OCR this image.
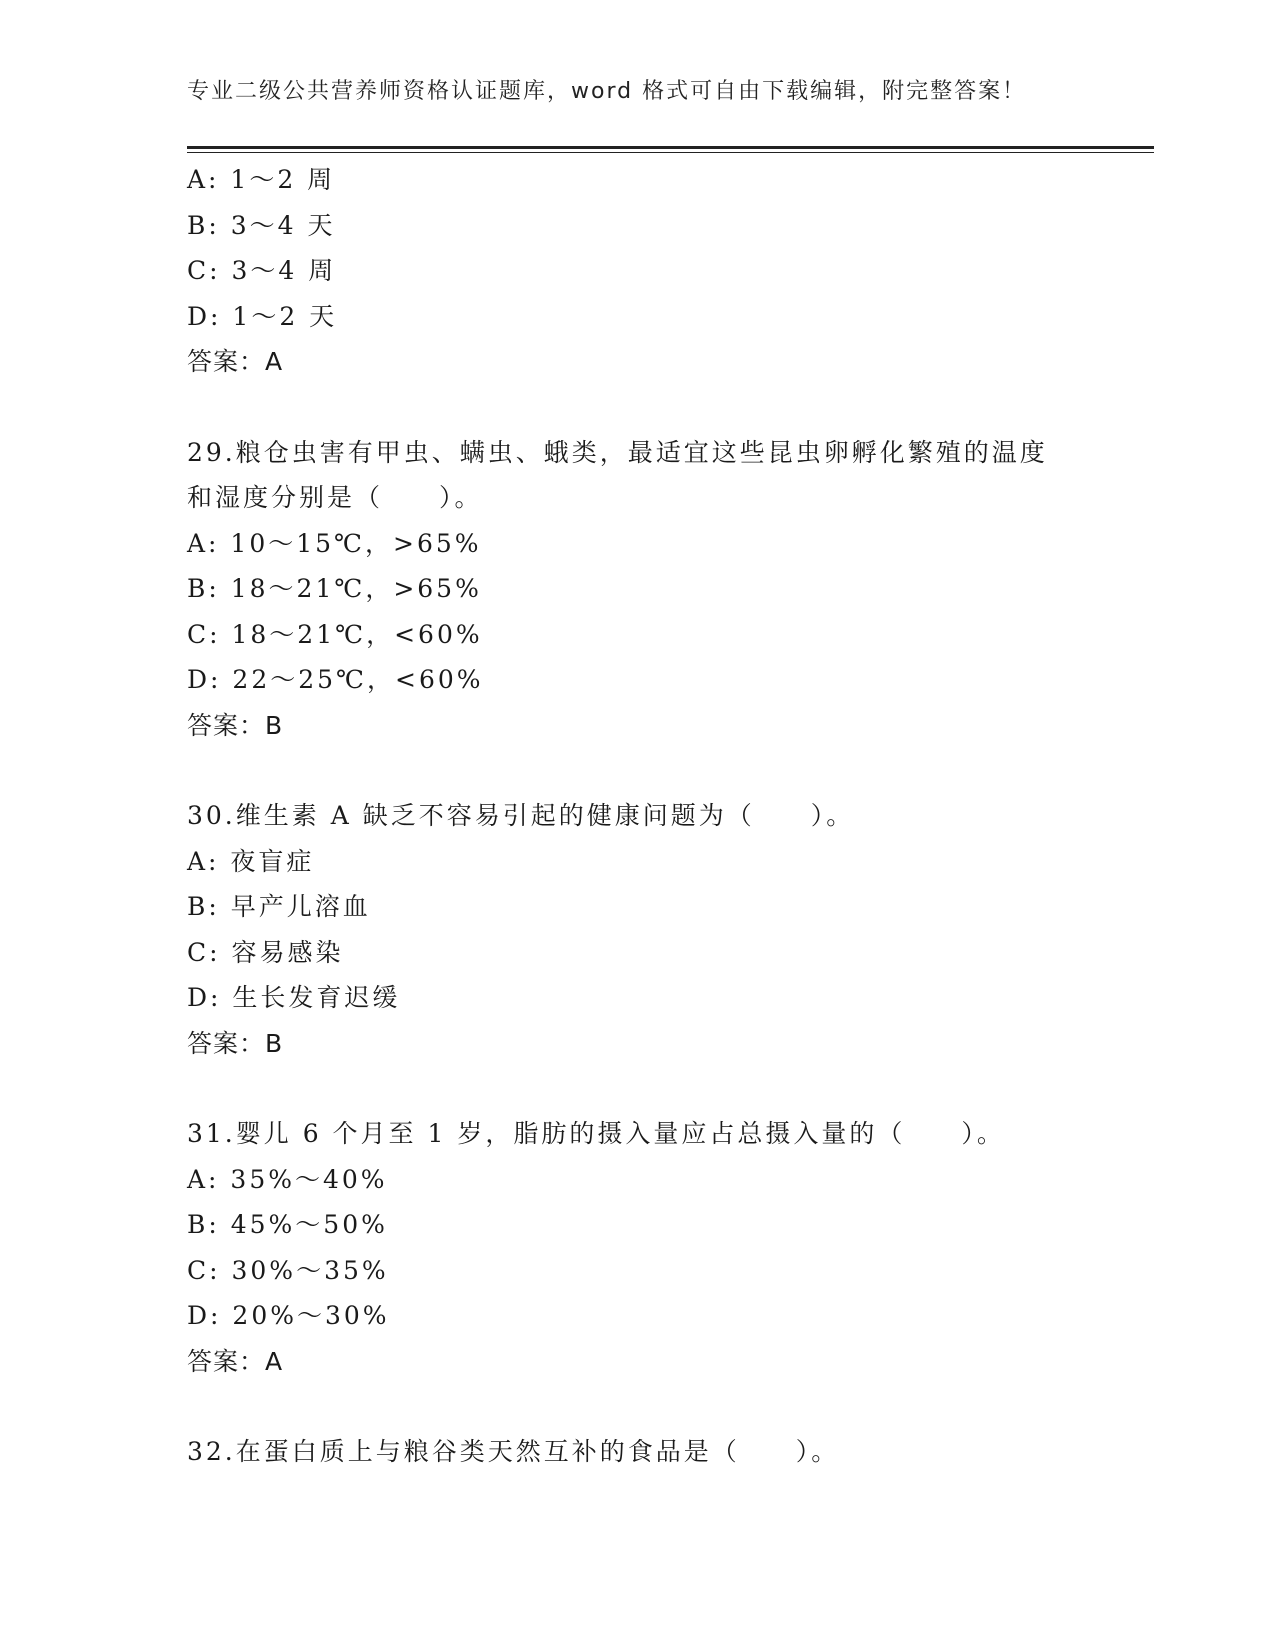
专业二级公共营养师资格认证题库，word 格式可自由下载编辑，附完整答案！
A: 1～2 周
B: 3～4 天
C: 3～4 周
D: 1～2 天
答案：A
29.粮仓虫害有甲虫、螨虫、蛾类，最适宜这些昆虫卵孵化繁殖的温度
和湿度分别是（　　）。
A: 10～15℃，>65%
B: 18～21℃，>65%
C: 18～21℃，<60%
D: 22～25℃，<60%
答案：B
30.维生素 A 缺乏不容易引起的健康问题为（　　）。
A: 夜盲症
B: 早产儿溶血
C: 容易感染
D: 生长发育迟缓
答案：B
31.婴儿 6 个月至 1 岁，脂肪的摄入量应占总摄入量的（　　）。
A: 35%～40%
B: 45%～50%
C: 30%～35%
D: 20%～30%
答案：A
32.在蛋白质上与粮谷类天然互补的食品是（　　）。
